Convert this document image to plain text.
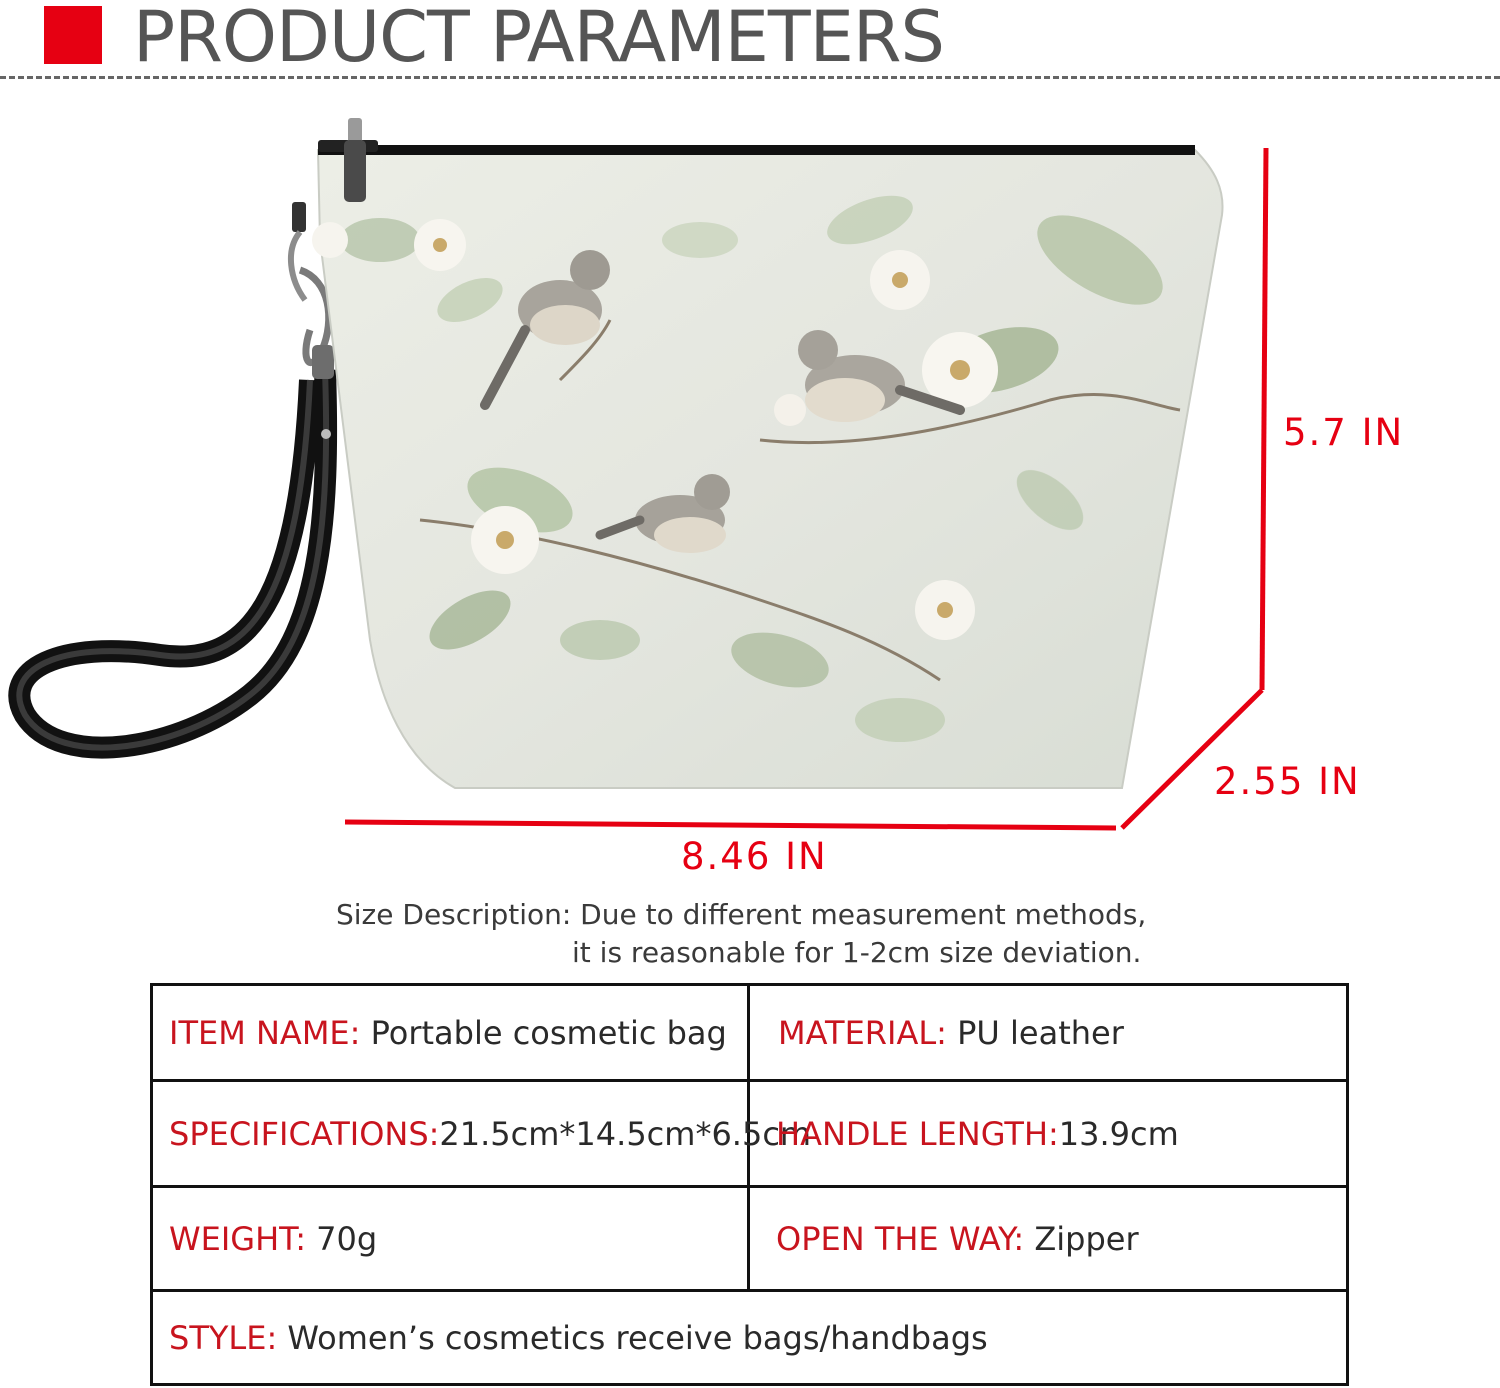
PRODUCT PARAMETERS
5.7 IN
2.55 IN
8.46 IN
Size Description: Due to different measurement methods,
it is reasonable for 1-2cm size deviation.
ITEM NAME: Portable cosmetic bag	MATERIAL: PU leather
SPECIFICATIONS:21.5cm*14.5cm*6.5cm	HANDLE LENGTH:13.9cm
WEIGHT: 70g	OPEN THE WAY: Zipper
STYLE: Women’s cosmetics receive bags/handbags	
